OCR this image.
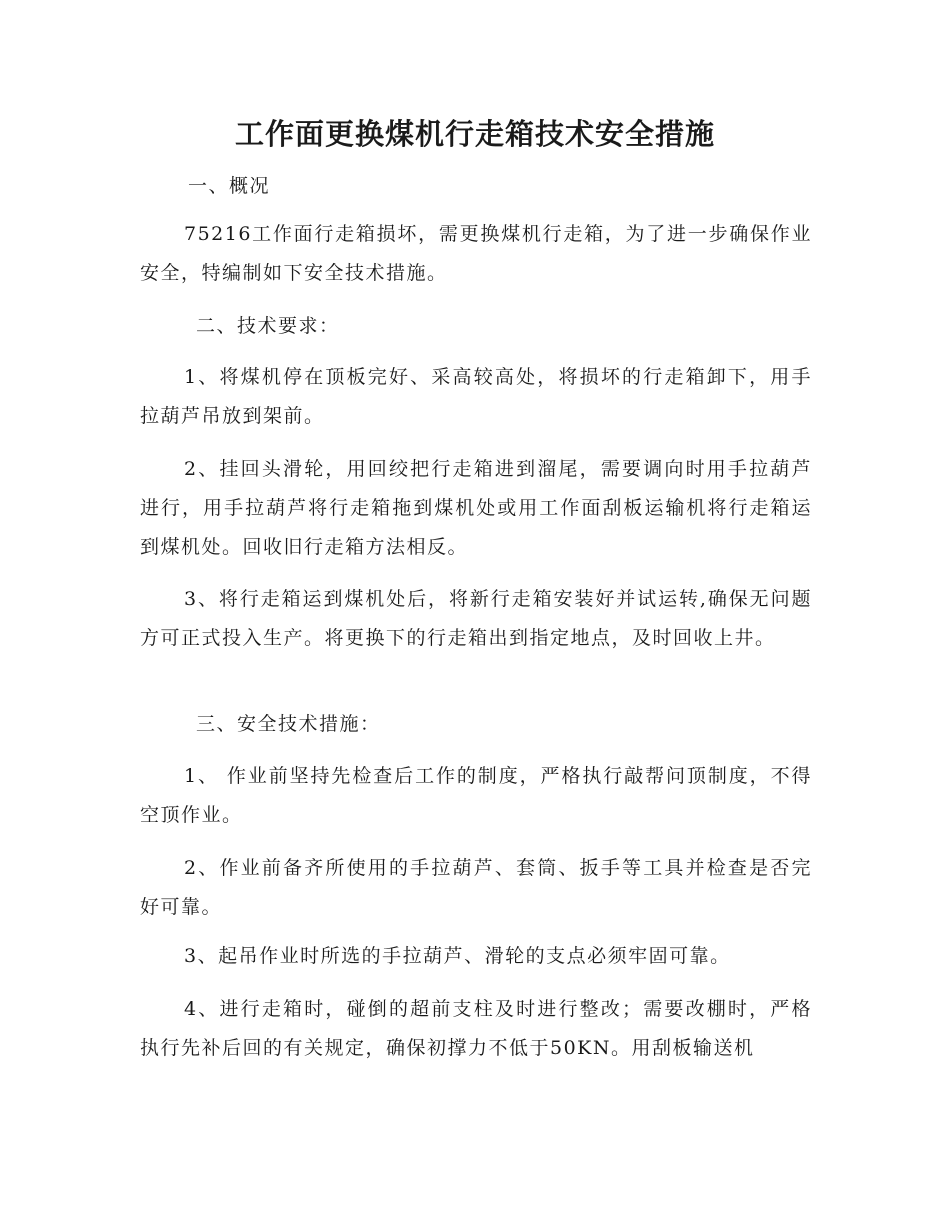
工作面更换煤机行走箱技术安全措施

一、概况

75216工作面行走箱损坏，需更换煤机行走箱，为了进一步确保作业安全，特编制如下安全技术措施。

二、技术要求：

1、将煤机停在顶板完好、采高较高处，将损坏的行走箱卸下，用手拉葫芦吊放到架前。

2、挂回头滑轮，用回绞把行走箱进到溜尾，需要调向时用手拉葫芦进行，用手拉葫芦将行走箱拖到煤机处或用工作面刮板运输机将行走箱运到煤机处。回收旧行走箱方法相反。

3、将行走箱运到煤机处后，将新行走箱安装好并试运转,确保无问题方可正式投入生产。将更换下的行走箱出到指定地点，及时回收上井。

三、安全技术措施：

1、 作业前坚持先检查后工作的制度，严格执行敲帮问顶制度，不得空顶作业。

2、作业前备齐所使用的手拉葫芦、套筒、扳手等工具并检查是否完好可靠。

3、起吊作业时所选的手拉葫芦、滑轮的支点必须牢固可靠。

4、进行走箱时，碰倒的超前支柱及时进行整改；需要改棚时，严格执行先补后回的有关规定，确保初撑力不低于50KN。用刮板输送机
